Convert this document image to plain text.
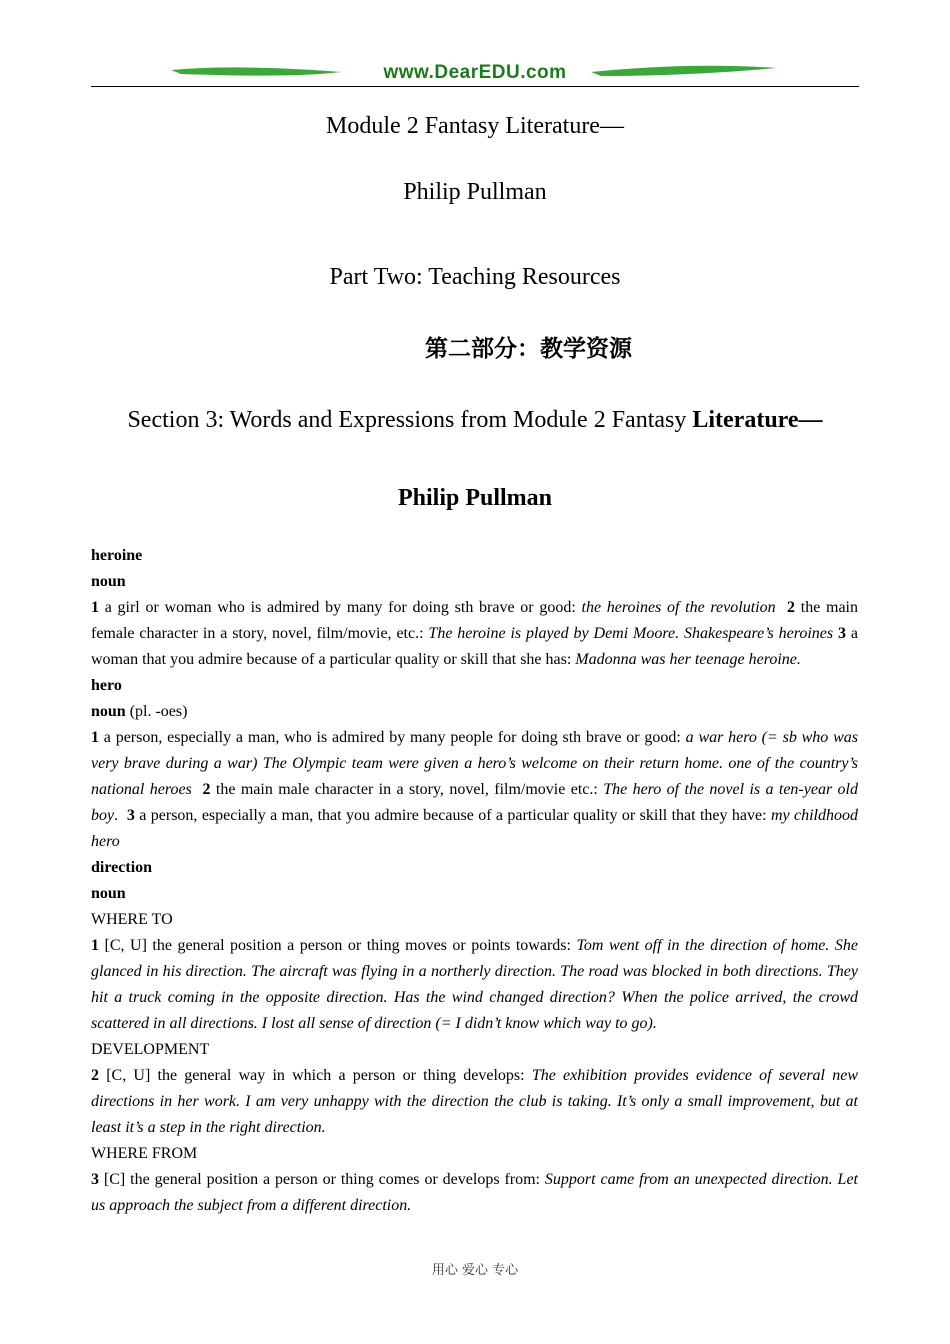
www.DearEDU.com
Module 2 Fantasy Literature—
Philip Pullman
Part Two: Teaching Resources
第二部分：教学资源
Section 3: Words and Expressions from Module 2 Fantasy Literature—
Philip Pullman

heroine

noun

1 a girl or woman who is admired by many for doing sth brave or good: the heroines of the revolution 2 the main female character in a story, novel, film/movie, etc.: The heroine is played by Demi Moore. Shakespeare’s heroines 3 a woman that you admire because of a particular quality or skill that she has: Madonna was her teenage heroine.

hero

noun (pl. -oes)

1 a person, especially a man, who is admired by many people for doing sth brave or good: a war hero (= sb who was very brave during a war) The Olympic team were given a hero’s welcome on their return home. one of the country’s national heroes 2 the main male character in a story, novel, film/movie etc.: The hero of the novel is a ten-year old boy. 3 a person, especially a man, that you admire because of a particular quality or skill that they have: my childhood hero

direction

noun

WHERE TO

1 [C, U] the general position a person or thing moves or points towards: Tom went off in the direction of home. She glanced in his direction. The aircraft was flying in a northerly direction. The road was blocked in both directions. They hit a truck coming in the opposite direction. Has the wind changed direction? When the police arrived, the crowd scattered in all directions. I lost all sense of direction (= I didn’t know which way to go).

DEVELOPMENT

2 [C, U] the general way in which a person or thing develops: The exhibition provides evidence of several new directions in her work. I am very unhappy with the direction the club is taking. It’s only a small improvement, but at least it’s a step in the right direction.

WHERE FROM

3 [C] the general position a person or thing comes or develops from: Support came from an unexpected direction. Let us approach the subject from a different direction.

用心 爱心 专心
